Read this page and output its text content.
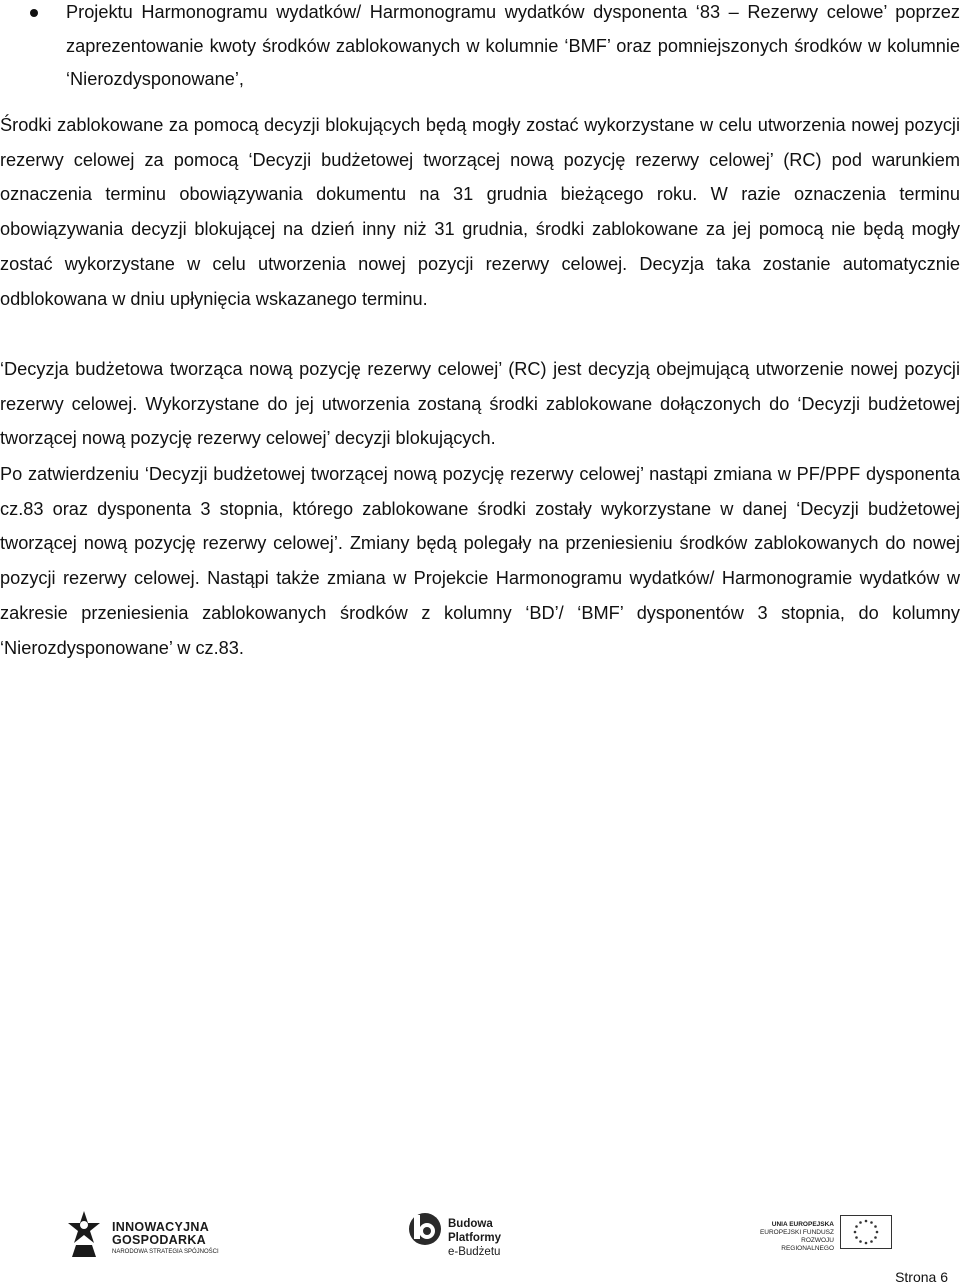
Projektu Harmonogramu wydatków/ Harmonogramu wydatków dysponenta ‘83 – Rezerwy celowe’ poprzez zaprezentowanie kwoty środków zablokowanych w kolumnie ‘BMF’ oraz pomniejszonych środków w kolumnie ‘Nierozdysponowane’,

Środki zablokowane za pomocą decyzji blokujących będą mogły zostać wykorzystane w celu utworzenia nowej pozycji rezerwy celowej za pomocą ‘Decyzji budżetowej tworzącej nową pozycję rezerwy celowej’ (RC) pod warunkiem oznaczenia terminu obowiązywania dokumentu na 31 grudnia bieżącego roku. W razie oznaczenia terminu obowiązywania decyzji blokującej na dzień inny niż 31 grudnia, środki zablokowane za jej pomocą nie będą mogły zostać wykorzystane w celu utworzenia nowej pozycji rezerwy celowej. Decyzja taka zostanie automatycznie odblokowana w dniu upłynięcia wskazanego terminu.

‘Decyzja budżetowa tworząca nową pozycję rezerwy celowej’ (RC) jest decyzją obejmującą utworzenie nowej pozycji rezerwy celowej. Wykorzystane do jej utworzenia zostaną środki zablokowane dołączonych do ‘Decyzji budżetowej tworzącej nową pozycję rezerwy celowej’ decyzji blokujących.

Po zatwierdzeniu ‘Decyzji budżetowej tworzącej nową pozycję rezerwy celowej’ nastąpi zmiana w PF/PPF dysponenta cz.83 oraz dysponenta 3 stopnia, którego zablokowane środki zostały wykorzystane w danej ‘Decyzji budżetowej tworzącej nową pozycję rezerwy celowej’. Zmiany będą polegały na przeniesieniu środków zablokowanych do nowej pozycji rezerwy celowej. Nastąpi także zmiana w Projekcie Harmonogramu wydatków/ Harmonogramie wydatków w zakresie przeniesienia zablokowanych środków z kolumny ‘BD’/ ‘BMF’ dysponentów 3 stopnia, do kolumny ‘Nierozdysponowane’ w cz.83.

INNOWACYJNA
GOSPODARKA
NARODOWA STRATEGIA SPÓJNOŚCI
Budowa Platformy
e-Budżetu
UNIA EUROPEJSKA
EUROPEJSKI FUNDUSZ
ROZWOJU REGIONALNEGO
Strona 6
